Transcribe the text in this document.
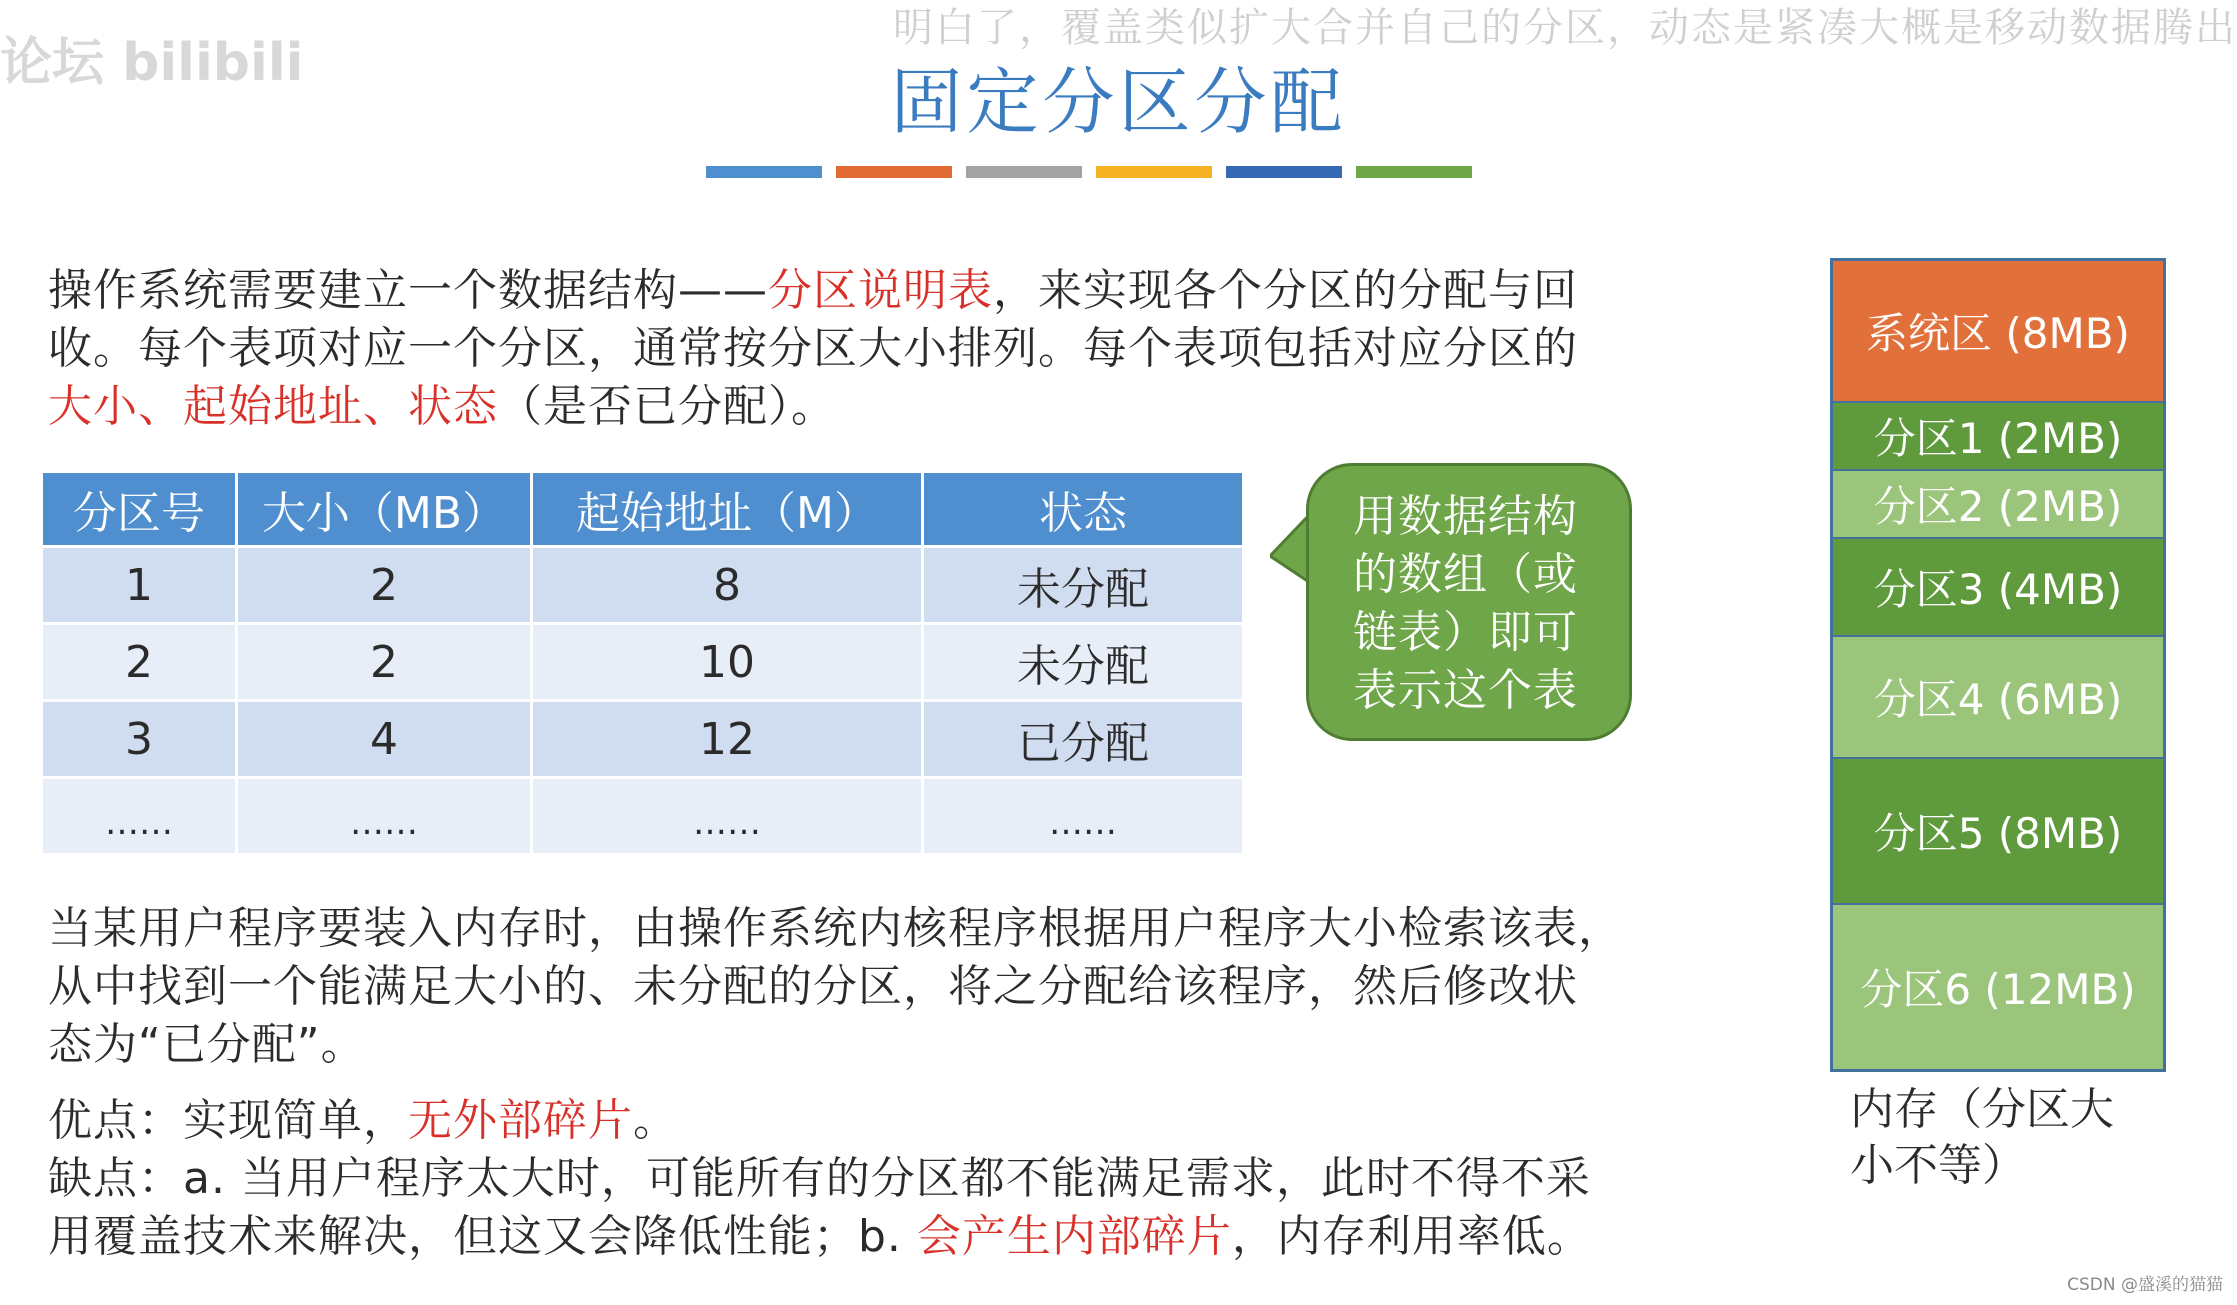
论坛 bilibili
明白了，覆盖类似扩大合并自己的分区，动态是紧凑大概是移动数据腾出
固定分区分配
操作系统需要建立一个数据结构——分区说明表，来实现各个分区的分配与回
收。每个表项对应一个分区，通常按分区大小排列。每个表项包括对应分区的
大小、起始地址、状态（是否已分配）。
分区号	大小（MB）	起始地址（M）	状态
1	2	8	未分配
2	2	10	未分配
3	4	12	已分配
……	……	……	……
用数据结构
的数组（或
链表）即可
表示这个表
当某用户程序要装入内存时，由操作系统内核程序根据用户程序大小检索该表，
从中找到一个能满足大小的、未分配的分区，将之分配给该程序，然后修改状
态为“已分配”。
优点：实现简单，无外部碎片。
缺点：a. 当用户程序太大时，可能所有的分区都不能满足需求，此时不得不采
用覆盖技术来解决，但这又会降低性能；b. 会产生内部碎片，内存利用率低。
系统区 (8MB)
分区1 (2MB)
分区2 (2MB)
分区3 (4MB)
分区4 (6MB)
分区5 (8MB)
分区6 (12MB)
内存（分区大
小不等）
CSDN @盛溪的猫猫
